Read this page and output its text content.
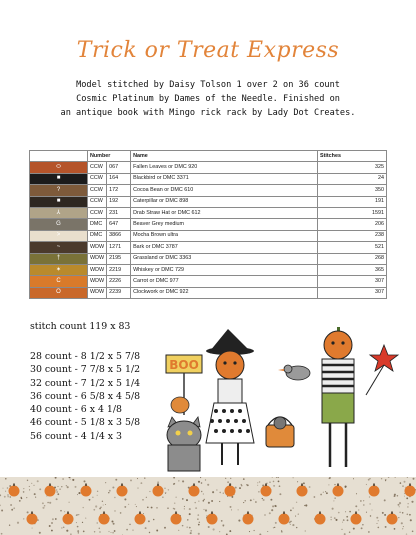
Trick or Treat Express
Model stitched by Daisy Tolson 1 over 2 on 36 count
Cosmic Platinum by Dames of the Needle. Finished on
an antique book with Mingo rick rack by Lady Dot Creates.
	Number		Name	Stitches
⬭	CCW	067	Fallen Leaves or DMC 920	325
■	CCW	164	Blackbird or DMC 3371	24
?	CCW	172	Cocoa Bean or DMC 610	350
■	CCW	192	Caterpillar or DMC 898	191
⅄	CCW	231	Drab Straw Hat or DMC 612	1591
G	DMC	647	Beaver Grey medium	206
>	DMC	3866	Mocha Brown ultra	238
~	WDW	1271	Bark or DMC 3787	521
†	WDW	2195	Grassland or DMC 3363	268
✶	WDW	2219	Whiskey or DMC 729	365
C	WDW	2226	Carrot or DMC 977	307
O	WDW	2239	Clockwork or DMC 922	307
stitch count 119 x 83
28 count - 8 1/2 x 5 7/8
30 count - 7 7/8 x 5 1/2
32 count - 7 1/2 x 5 1/4
36 count - 6 5/8 x 4 5/8
40 count - 6 x 4 1/8
46 count - 5 1/8 x 3 5/8
56 count - 4 1/4 x 3
BOO
